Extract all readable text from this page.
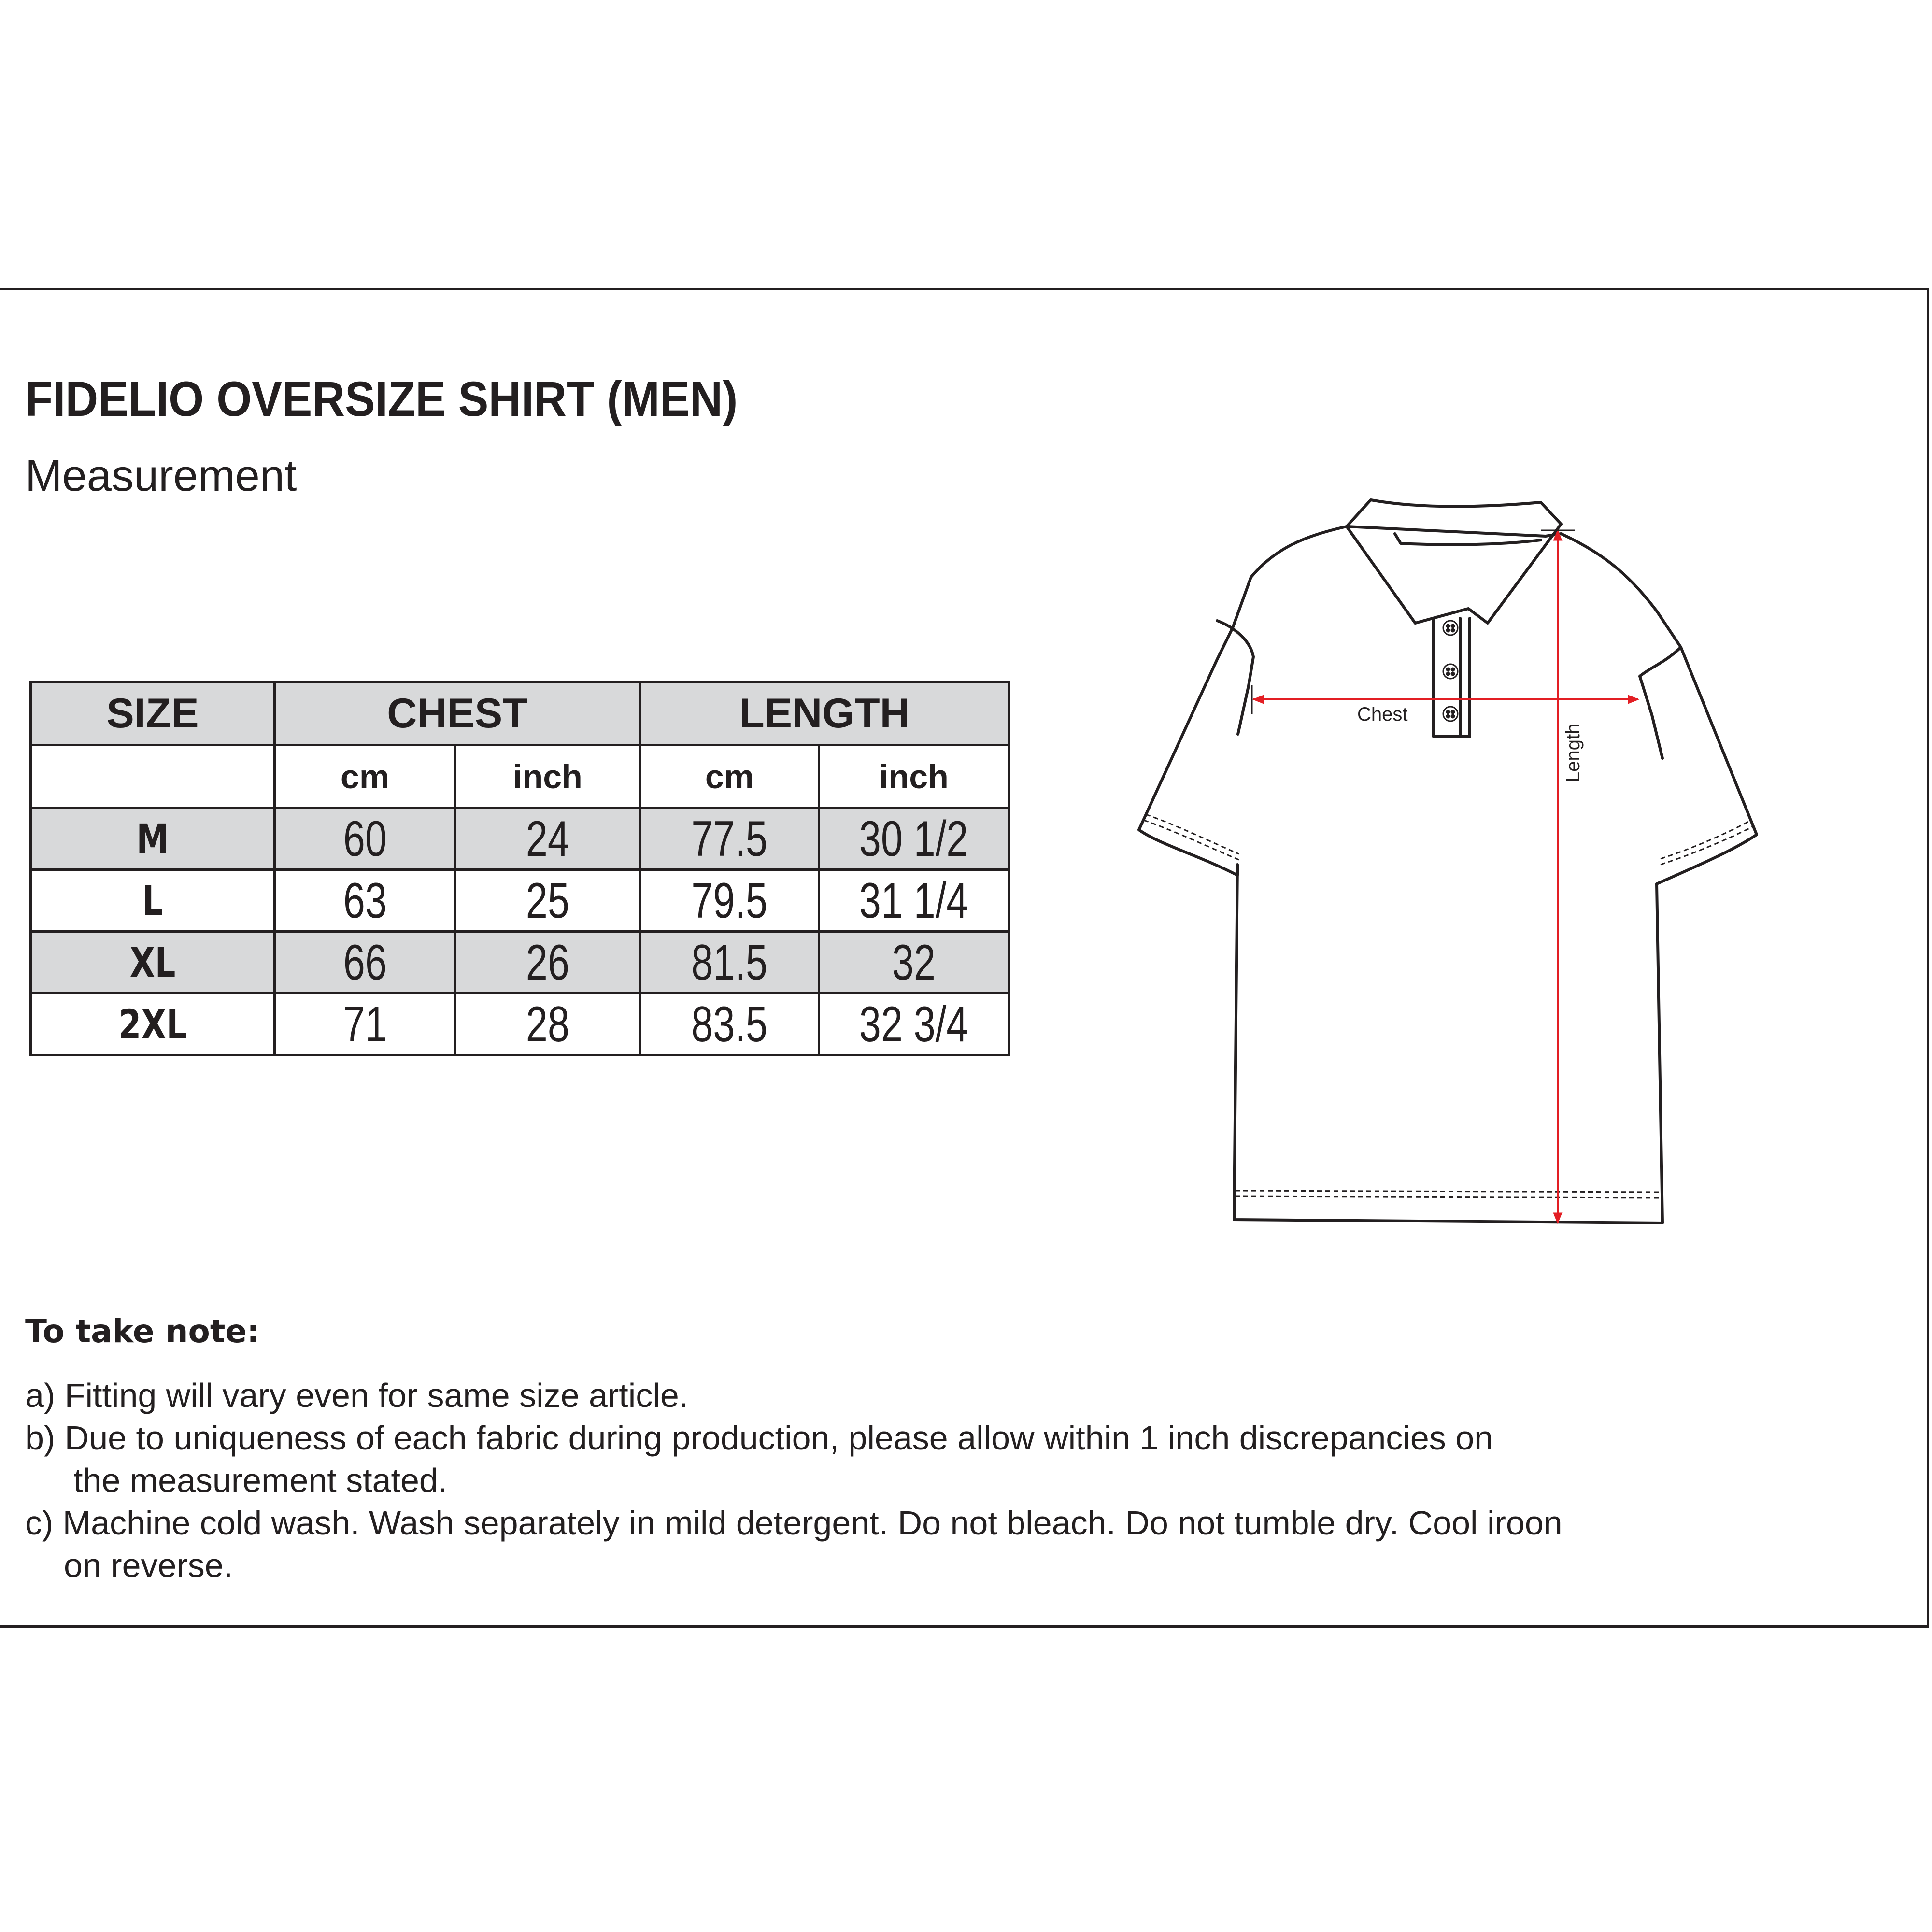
FIDELIO OVERSIZE SHIRT (MEN)
Measurement
SIZE	CHEST		LENGTH	
	cm	inch	cm	inch
M	60	24	77.5	30 1/2
L	63	25	79.5	31 1/4
XL	66	26	81.5	32
2XL	71	28	83.5	32 3/4
Chest
Length
To take note:

a) Fitting will vary even for same size article.

b) Due to uniqueness of each fabric during production, please allow within 1 inch discrepancies on
the measurement stated.

c) Machine cold wash. Wash separately in mild detergent. Do not bleach. Do not tumble dry. Cool iroon
on reverse.
